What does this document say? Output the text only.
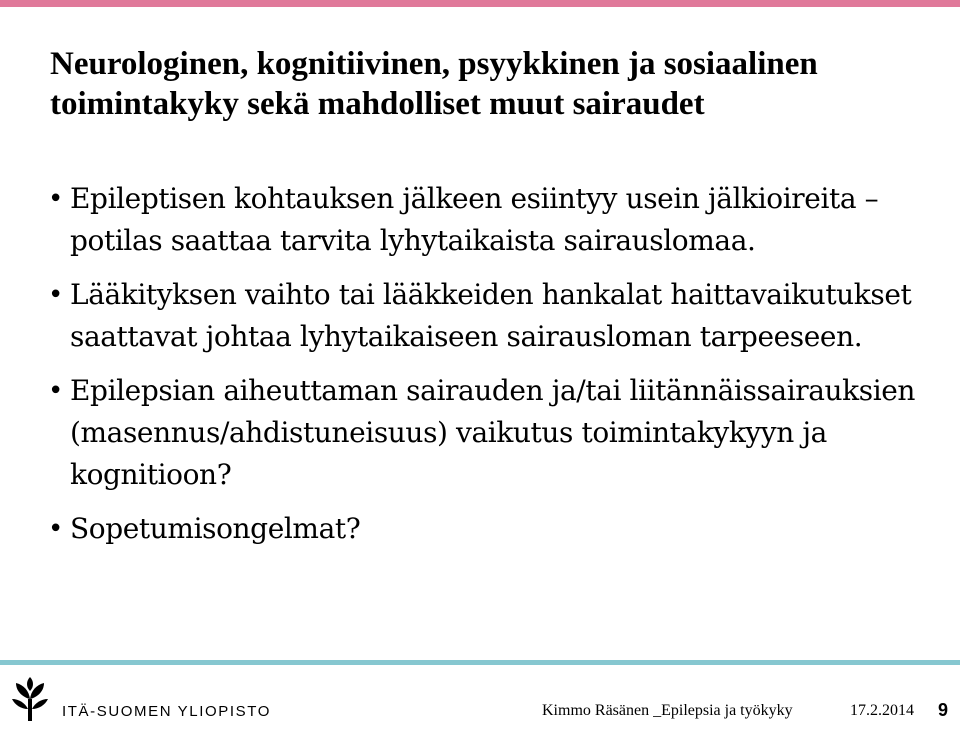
Neurologinen, kognitiivinen, psyykkinen ja sosiaalinen toimintakyky sekä mahdolliset muut sairaudet
• Epileptisen kohtauksen jälkeen esiintyy usein jälkioireita – potilas saattaa tarvita lyhytaikaista sairauslomaa.
• Lääkityksen vaihto tai lääkkeiden hankalat haittavaikutukset saattavat johtaa lyhytaikaiseen sairausloman tarpeeseen.
• Epilepsian aiheuttaman sairauden ja/tai liitännäissairauksien (masennus/ahdistuneisuus) vaikutus toimintakykyyn ja kognitioon?
• Sopetumisongelmat?
ITÄ-SUOMEN YLIOPISTO	Kimmo Räsänen _Epilepsia ja työkyky	17.2.2014 9
